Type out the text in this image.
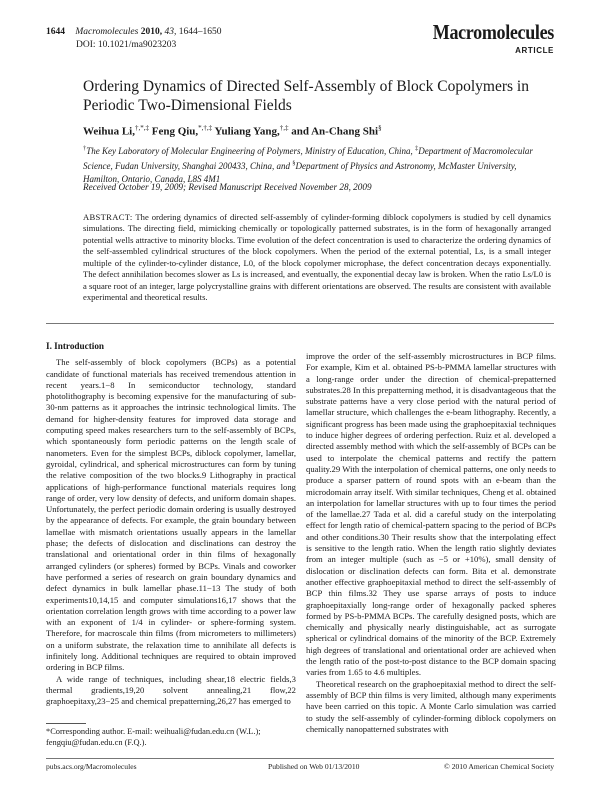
1644 Macromolecules 2010, 43, 1644–1650
DOI: 10.1021/ma9023203
Macromolecules
ARTICLE
Ordering Dynamics of Directed Self-Assembly of Block Copolymers in Periodic Two-Dimensional Fields
Weihua Li,†,*,‡ Feng Qiu,*,†,‡ Yuliang Yang,†,‡ and An-Chang Shi§
†The Key Laboratory of Molecular Engineering of Polymers, Ministry of Education, China, ‡Department of Macromolecular Science, Fudan University, Shanghai 200433, China, and §Department of Physics and Astronomy, McMaster University, Hamilton, Ontario, Canada, L8S 4M1
Received October 19, 2009; Revised Manuscript Received November 28, 2009
ABSTRACT: The ordering dynamics of directed self-assembly of cylinder-forming diblock copolymers is studied by cell dynamics simulations. The directing field, mimicking chemically or topologically patterned substrates, is in the form of hexagonally arranged potential wells attractive to minority blocks. Time evolution of the defect concentration is used to characterize the ordering dynamics of the self-assembled cylindrical structures of the block copolymers. When the period of the external potential, Ls, is a small integer multiple of the cylinder-to-cylinder distance, L0, of the block copolymer microphase, the defect concentration decays exponentially. The defect annihilation becomes slower as Ls is increased, and eventually, the exponential decay law is broken. When the ratio Ls/L0 is a square root of an integer, large polycrystalline grains with different orientations are observed. The results are consistent with available experimental and theoretical results.
I. Introduction

The self-assembly of block copolymers (BCPs) as a potential candidate of functional materials has received tremendous attention in recent years.1−8 In semiconductor technology, standard photolithography is becoming expensive for the manufacturing of sub-30-nm patterns as it approaches the intrinsic technological limits. The demand for higher-density features for improved data storage and computing speed makes researchers turn to the self-assembly of BCPs, which spontaneously form periodic patterns on the length scale of nanometers. Even for the simplest BCPs, diblock copolymer, lamellar, gyroidal, cylindrical, and spherical microstructures can form by tuning the relative composition of the two blocks.9 Lithography in practical applications of high-performance functional materials requires long range of order, very low density of defects, and uniform domain shapes. Unfortunately, the perfect periodic domain ordering is usually destroyed by the appearance of defects. For example, the grain boundary between lamellae with mismatch orientations usually appears in the lamellar phase; the defects of dislocation and disclinations can destroy the translational and orientational order in thin films of hexagonally arranged cylinders (or spheres) formed by BCPs. Vinals and coworker have performed a series of research on grain boundary dynamics and defect dynamics in bulk lamellar phase.11−13 The study of both experiments10,14,15 and computer simulations16,17 shows that the orientation correlation length grows with time according to a power law with an exponent of 1/4 in cylinder- or sphere-forming system. Therefore, for macroscale thin films (from micrometers to millimeters) on a uniform substrate, the relaxation time to annihilate all defects is infinitely long. Additional techniques are required to obtain improved ordering in BCP films.

A wide range of techniques, including shear,18 electric fields,3 thermal gradients,19,20 solvent annealing,21 flow,22 graphoepitaxy,23−25 and chemical prepatterning,26,27 has emerged to

improve the order of the self-assembly microstructures in BCP films. For example, Kim et al. obtained PS-b-PMMA lamellar structures with a long-range order under the direction of chemical-prepatterned substrates.28 In this prepatterning method, it is disadvantageous that the substrate patterns have a very close period with the natural period of lamellar structure, which challenges the e-beam lithography. Recently, a significant progress has been made using the graphoepitaxial techniques to induce higher degrees of ordering perfection. Ruiz et al. developed a directed assembly method with which the self-assembly of BCPs can be used to interpolate the chemical patterns and rectify the pattern quality.29 With the interpolation of chemical patterns, one only needs to produce a sparser pattern of round spots with an e-beam than the microdomain array itself. With similar techniques, Cheng et al. obtained an interpolation for lamellar structures with up to four times the period of the lamellae.27 Tada et al. did a careful study on the interpolating effect for length ratio of chemical-pattern spacing to the period of BCPs and other conditions.30 Their results show that the interpolating effect is sensitive to the length ratio. When the length ratio slightly deviates from an integer multiple (such as −5 or +10%), small density of dislocation or disclination defects can form. Bita et al. demonstrate another effective graphoepitaxial method to direct the self-assembly of BCP thin films.32 They use sparse arrays of posts to induce graphoepitaxially long-range order of hexagonally packed spheres formed by PS-b-PMMA BCPs. The carefully designed posts, which are chemically and physically nearly distinguishable, act as surrogate spherical or cylindrical domains of the minority of the BCP. Extremely high degrees of translational and orientational order are achieved when the length ratio of the post-to-post distance to the BCP domain spacing varies from 1.65 to 4.6 multiples.

Theoretical research on the graphoepitaxial method to direct the self-assembly of BCP thin films is very limited, although many experiments have been carried on this topic. A Monte Carlo simulation was carried to study the self-assembly of cylinder-forming diblock copolymers on chemically nanopatterned substrates with

*Corresponding author. E-mail: weihuali@fudan.edu.cn (W.L.); fengqiu@fudan.edu.cn (F.Q.).
pubs.acs.org/Macromolecules	Published on Web 01/13/2010	© 2010 American Chemical Society
